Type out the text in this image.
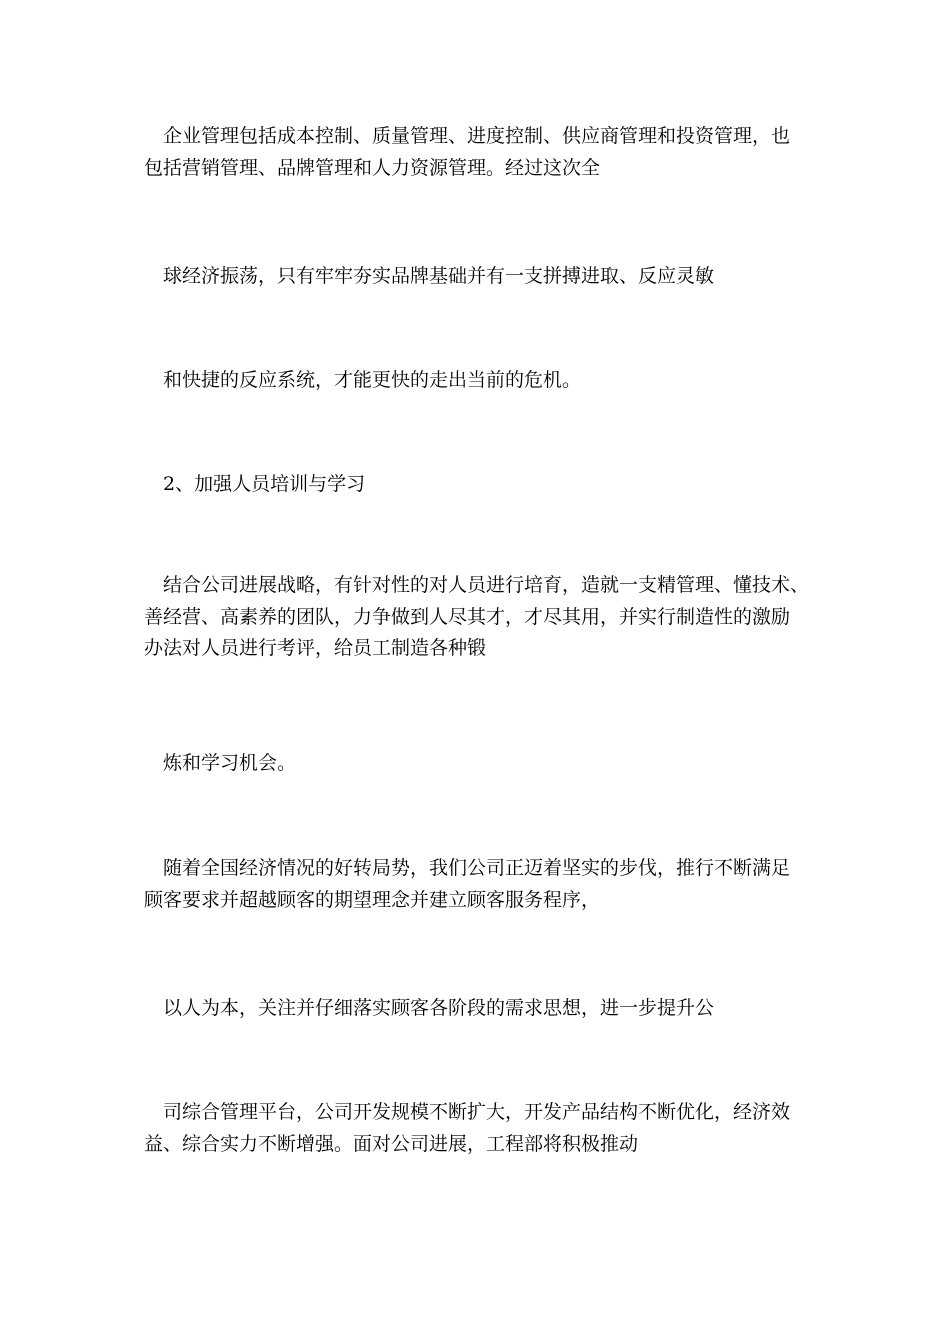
企业管理包括成本控制、质量管理、进度控制、供应商管理和投资管理，也
包括营销管理、品牌管理和人力资源管理。经过这次全

球经济振荡，只有牢牢夯实品牌基础并有一支拼搏进取、反应灵敏

和快捷的反应系统，才能更快的走出当前的危机。

2、加强人员培训与学习

结合公司进展战略，有针对性的对人员进行培育，造就一支精管理、懂技术、
善经营、高素养的团队，力争做到人尽其才，才尽其用，并实行制造性的激励
办法对人员进行考评，给员工制造各种锻

炼和学习机会。

随着全国经济情况的好转局势，我们公司正迈着坚实的步伐，推行不断满足
顾客要求并超越顾客的期望理念并建立顾客服务程序，

以人为本，关注并仔细落实顾客各阶段的需求思想，进一步提升公

司综合管理平台，公司开发规模不断扩大，开发产品结构不断优化，经济效
益、综合实力不断增强。面对公司进展，工程部将积极推动
